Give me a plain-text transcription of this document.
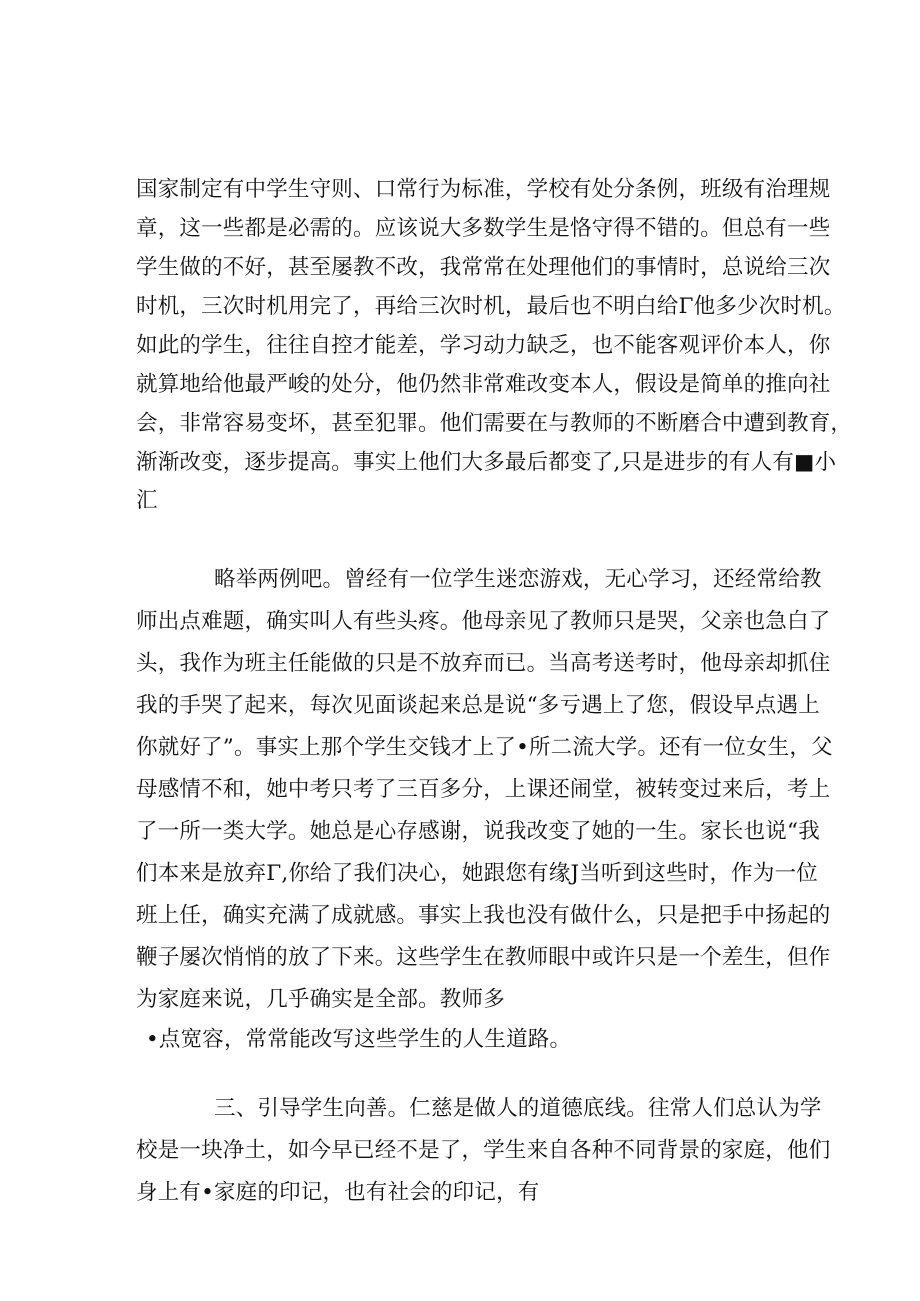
国家制定有中学生守则、口常行为标准，学校有处分条例，班级有治理规
章，这一些都是必需的。应该说大多数学生是恪守得不错的。但总有一些
学生做的不好，甚至屡教不改，我常常在处理他们的事情时，总说给三次
时机，三次时机用完了，再给三次时机，最后也不明白给Γ他多少次时机。
如此的学生，往往自控才能差，学习动力缺乏，也不能客观评价本人，你
就算地给他最严峻的处分，他仍然非常难改变本人，假设是简单的推向社
会，非常容易变坏，甚至犯罪。他们需要在与教师的不断磨合中遭到教育，
渐渐改变，逐步提高。事实上他们大多最后都变了,只是进步的有人有■小
汇
略举两例吧。曾经有一位学生迷恋游戏，无心学习，还经常给教
师出点难题，确实叫人有些头疼。他母亲见了教师只是哭，父亲也急白了
头，我作为班主任能做的只是不放弃而已。当高考送考时，他母亲却抓住
我的手哭了起来，每次见面谈起来总是说“多亏遇上了您，假设早点遇上
你就好了”。事实上那个学生交钱才上了•所二流大学。还有一位女生，父
母感情不和，她中考只考了三百多分，上课还闹堂，被转变过来后，考上
了一所一类大学。她总是心存感谢，说我改变了她的一生。家长也说“我
们本来是放弃Γ,你给了我们决心，她跟您有缘J当听到这些时，作为一位
班上任，确实充满了成就感。事实上我也没有做什么，只是把手中扬起的
鞭子屡次悄悄的放了下来。这些学生在教师眼中或许只是一个差生，但作
为家庭来说，几乎确实是全部。教师多
•点宽容，常常能改写这些学生的人生道路。
三、引导学生向善。仁慈是做人的道德底线。往常人们总认为学
校是一块净土，如今早已经不是了，学生来自各种不同背景的家庭，他们
身上有•家庭的印记，也有社会的印记，有
